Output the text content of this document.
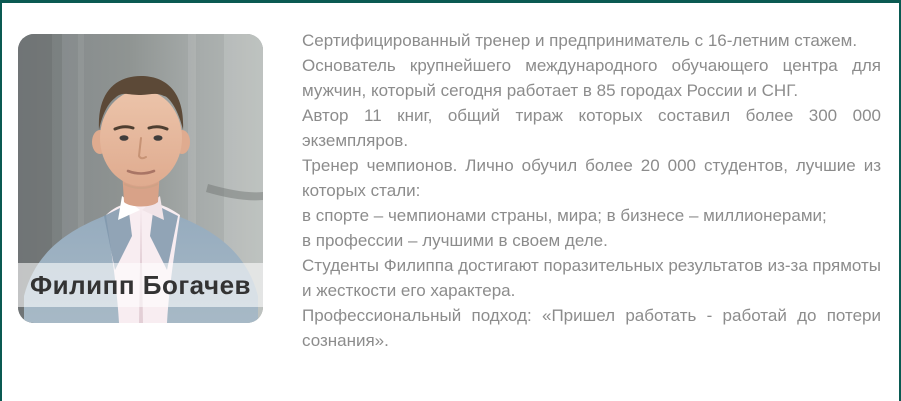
Филипп Богачев

Сертифицированный тренер и предприниматель с 16-летним стажем.

Основатель крупнейшего международного обучающего центра для мужчин, который сегодня работает в 85 городах России и СНГ.

Автор 11 книг, общий тираж которых составил более 300 000 экземпляров.

Тренер чемпионов. Лично обучил более 20 000 студентов, лучшие из которых стали:

в спорте – чемпионами страны, мира; в бизнесе – миллионерами;

в профессии – лучшими в своем деле.

Студенты Филиппа достигают поразительных результатов из-за прямоты и жесткости его характера.

Профессиональный подход: «Пришел работать - работай до потери сознания».
